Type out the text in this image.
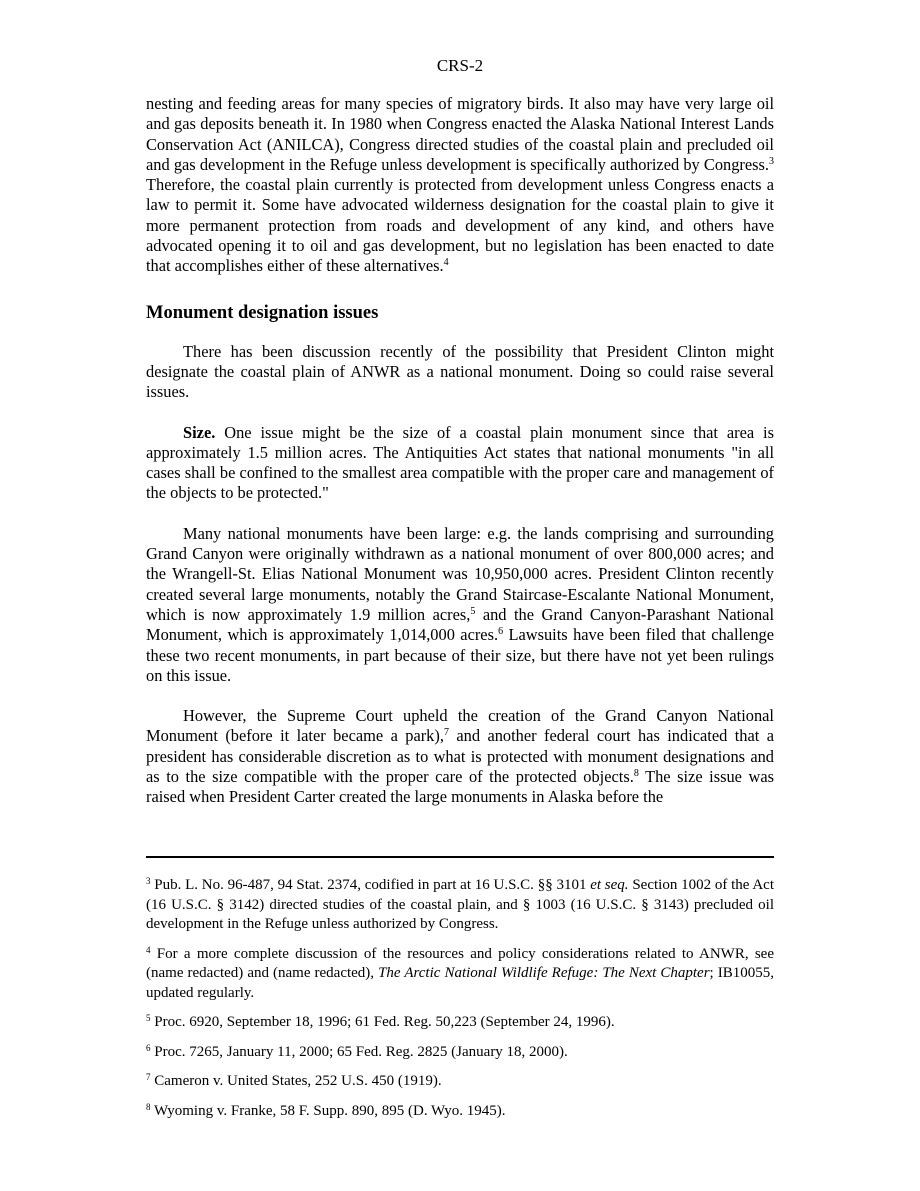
CRS-2

nesting and feeding areas for many species of migratory birds. It also may have very large oil and gas deposits beneath it. In 1980 when Congress enacted the Alaska National Interest Lands Conservation Act (ANILCA), Congress directed studies of the coastal plain and precluded oil and gas development in the Refuge unless development is specifically authorized by Congress.$^3$ Therefore, the coastal plain currently is protected from development unless Congress enacts a law to permit it. Some have advocated wilderness designation for the coastal plain to give it more permanent protection from roads and development of any kind, and others have advocated opening it to oil and gas development, but no legislation has been enacted to date that accomplishes either of these alternatives.$^4$

Monument designation issues

There has been discussion recently of the possibility that President Clinton might designate the coastal plain of ANWR as a national monument. Doing so could raise several issues.

Size. One issue might be the size of a coastal plain monument since that area is approximately 1.5 million acres. The Antiquities Act states that national monuments "in all cases shall be confined to the smallest area compatible with the proper care and management of the objects to be protected."

Many national monuments have been large: e.g. the lands comprising and surrounding Grand Canyon were originally withdrawn as a national monument of over 800,000 acres; and the Wrangell-St. Elias National Monument was 10,950,000 acres. President Clinton recently created several large monuments, notably the Grand Staircase-Escalante National Monument, which is now approximately 1.9 million acres,$^5$ and the Grand Canyon-Parashant National Monument, which is approximately 1,014,000 acres.$^6$ Lawsuits have been filed that challenge these two recent monuments, in part because of their size, but there have not yet been rulings on this issue.

However, the Supreme Court upheld the creation of the Grand Canyon National Monument (before it later became a park),$^7$ and another federal court has indicated that a president has considerable discretion as to what is protected with monument designations and as to the size compatible with the proper care of the protected objects.$^8$ The size issue was raised when President Carter created the large monuments in Alaska before the

$^3$ Pub. L. No. 96-487, 94 Stat. 2374, codified in part at 16 U.S.C. §§ 3101 et seq. Section 1002 of the Act (16 U.S.C. § 3142) directed studies of the coastal plain, and § 1003 (16 U.S.C. § 3143) precluded oil development in the Refuge unless authorized by Congress.

$^4$ For a more complete discussion of the resources and policy considerations related to ANWR, see (name redacted) and (name redacted), The Arctic National Wildlife Refuge: The Next Chapter; IB10055, updated regularly.

$^5$ Proc. 6920, September 18, 1996; 61 Fed. Reg. 50,223 (September 24, 1996).

$^6$ Proc. 7265, January 11, 2000; 65 Fed. Reg. 2825 (January 18, 2000).

$^7$ Cameron v. United States, 252 U.S. 450 (1919).

$^8$ Wyoming v. Franke, 58 F. Supp. 890, 895 (D. Wyo. 1945).
